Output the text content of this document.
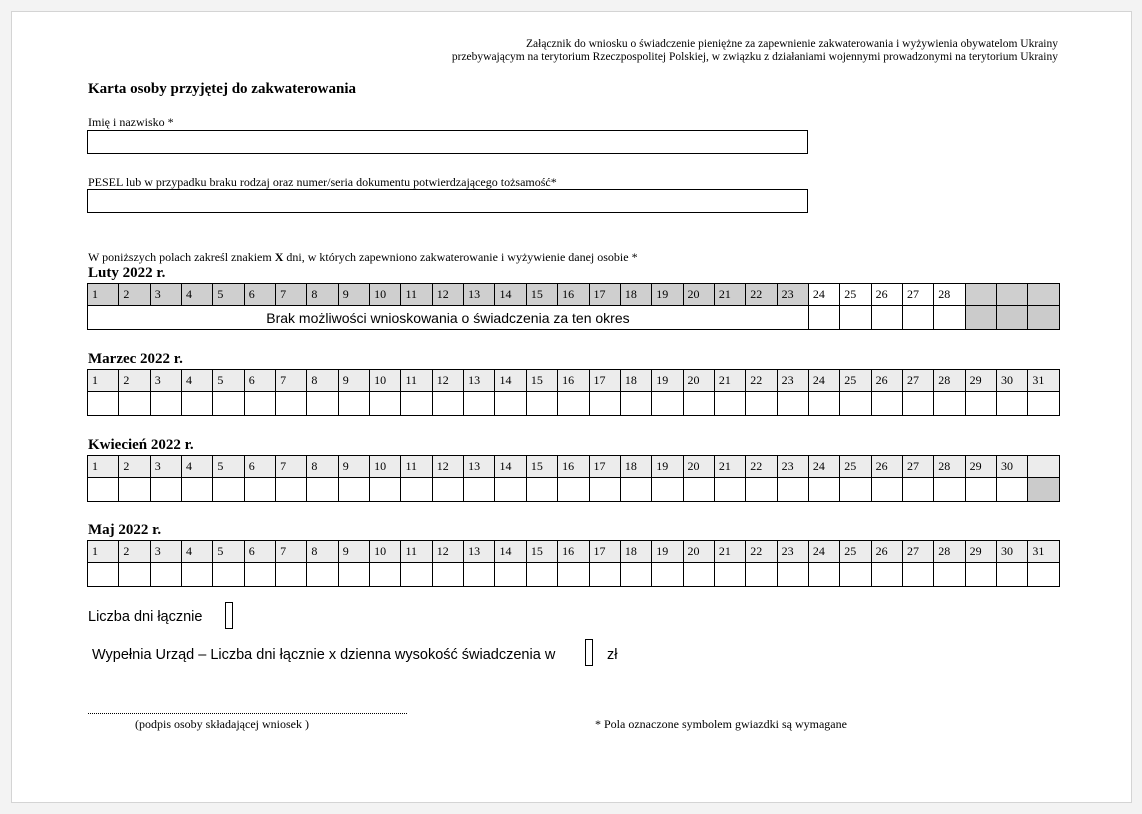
Załącznik do wniosku o świadczenie pieniężne za zapewnienie zakwaterowania i wyżywienia obywatelom Ukrainy
przebywającym na terytorium Rzeczpospolitej Polskiej, w związku z działaniami wojennymi prowadzonymi na terytorium Ukrainy
Karta osoby przyjętej do zakwaterowania
Imię i nazwisko *
PESEL lub w przypadku braku rodzaj oraz numer/seria dokumentu potwierdzającego tożsamość*
W poniższych polach zakreśl znakiem X dni, w których zapewniono zakwaterowanie i wyżywienie danej osobie *
Luty 2022 r.
1	2	3	4	5	6	7	8	9	10	11	12	13	14	15	16	17	18	19	20	21	22	23	24	25	26	27	28			
Brak możliwości wnioskowania o świadczenia za ten okres																														
Marzec 2022 r.
1	2	3	4	5	6	7	8	9	10	11	12	13	14	15	16	17	18	19	20	21	22	23	24	25	26	27	28	29	30	31

Kwiecień 2022 r.
1	2	3	4	5	6	7	8	9	10	11	12	13	14	15	16	17	18	19	20	21	22	23	24	25	26	27	28	29	30	

Maj 2022 r.
1	2	3	4	5	6	7	8	9	10	11	12	13	14	15	16	17	18	19	20	21	22	23	24	25	26	27	28	29	30	31

Liczba dni łącznie
Wypełnia Urząd – Liczba dni łącznie x dzienna wysokość świadczenia w	zł
(podpis osoby składającej wniosek )	* Pola oznaczone symbolem gwiazdki są wymagane
